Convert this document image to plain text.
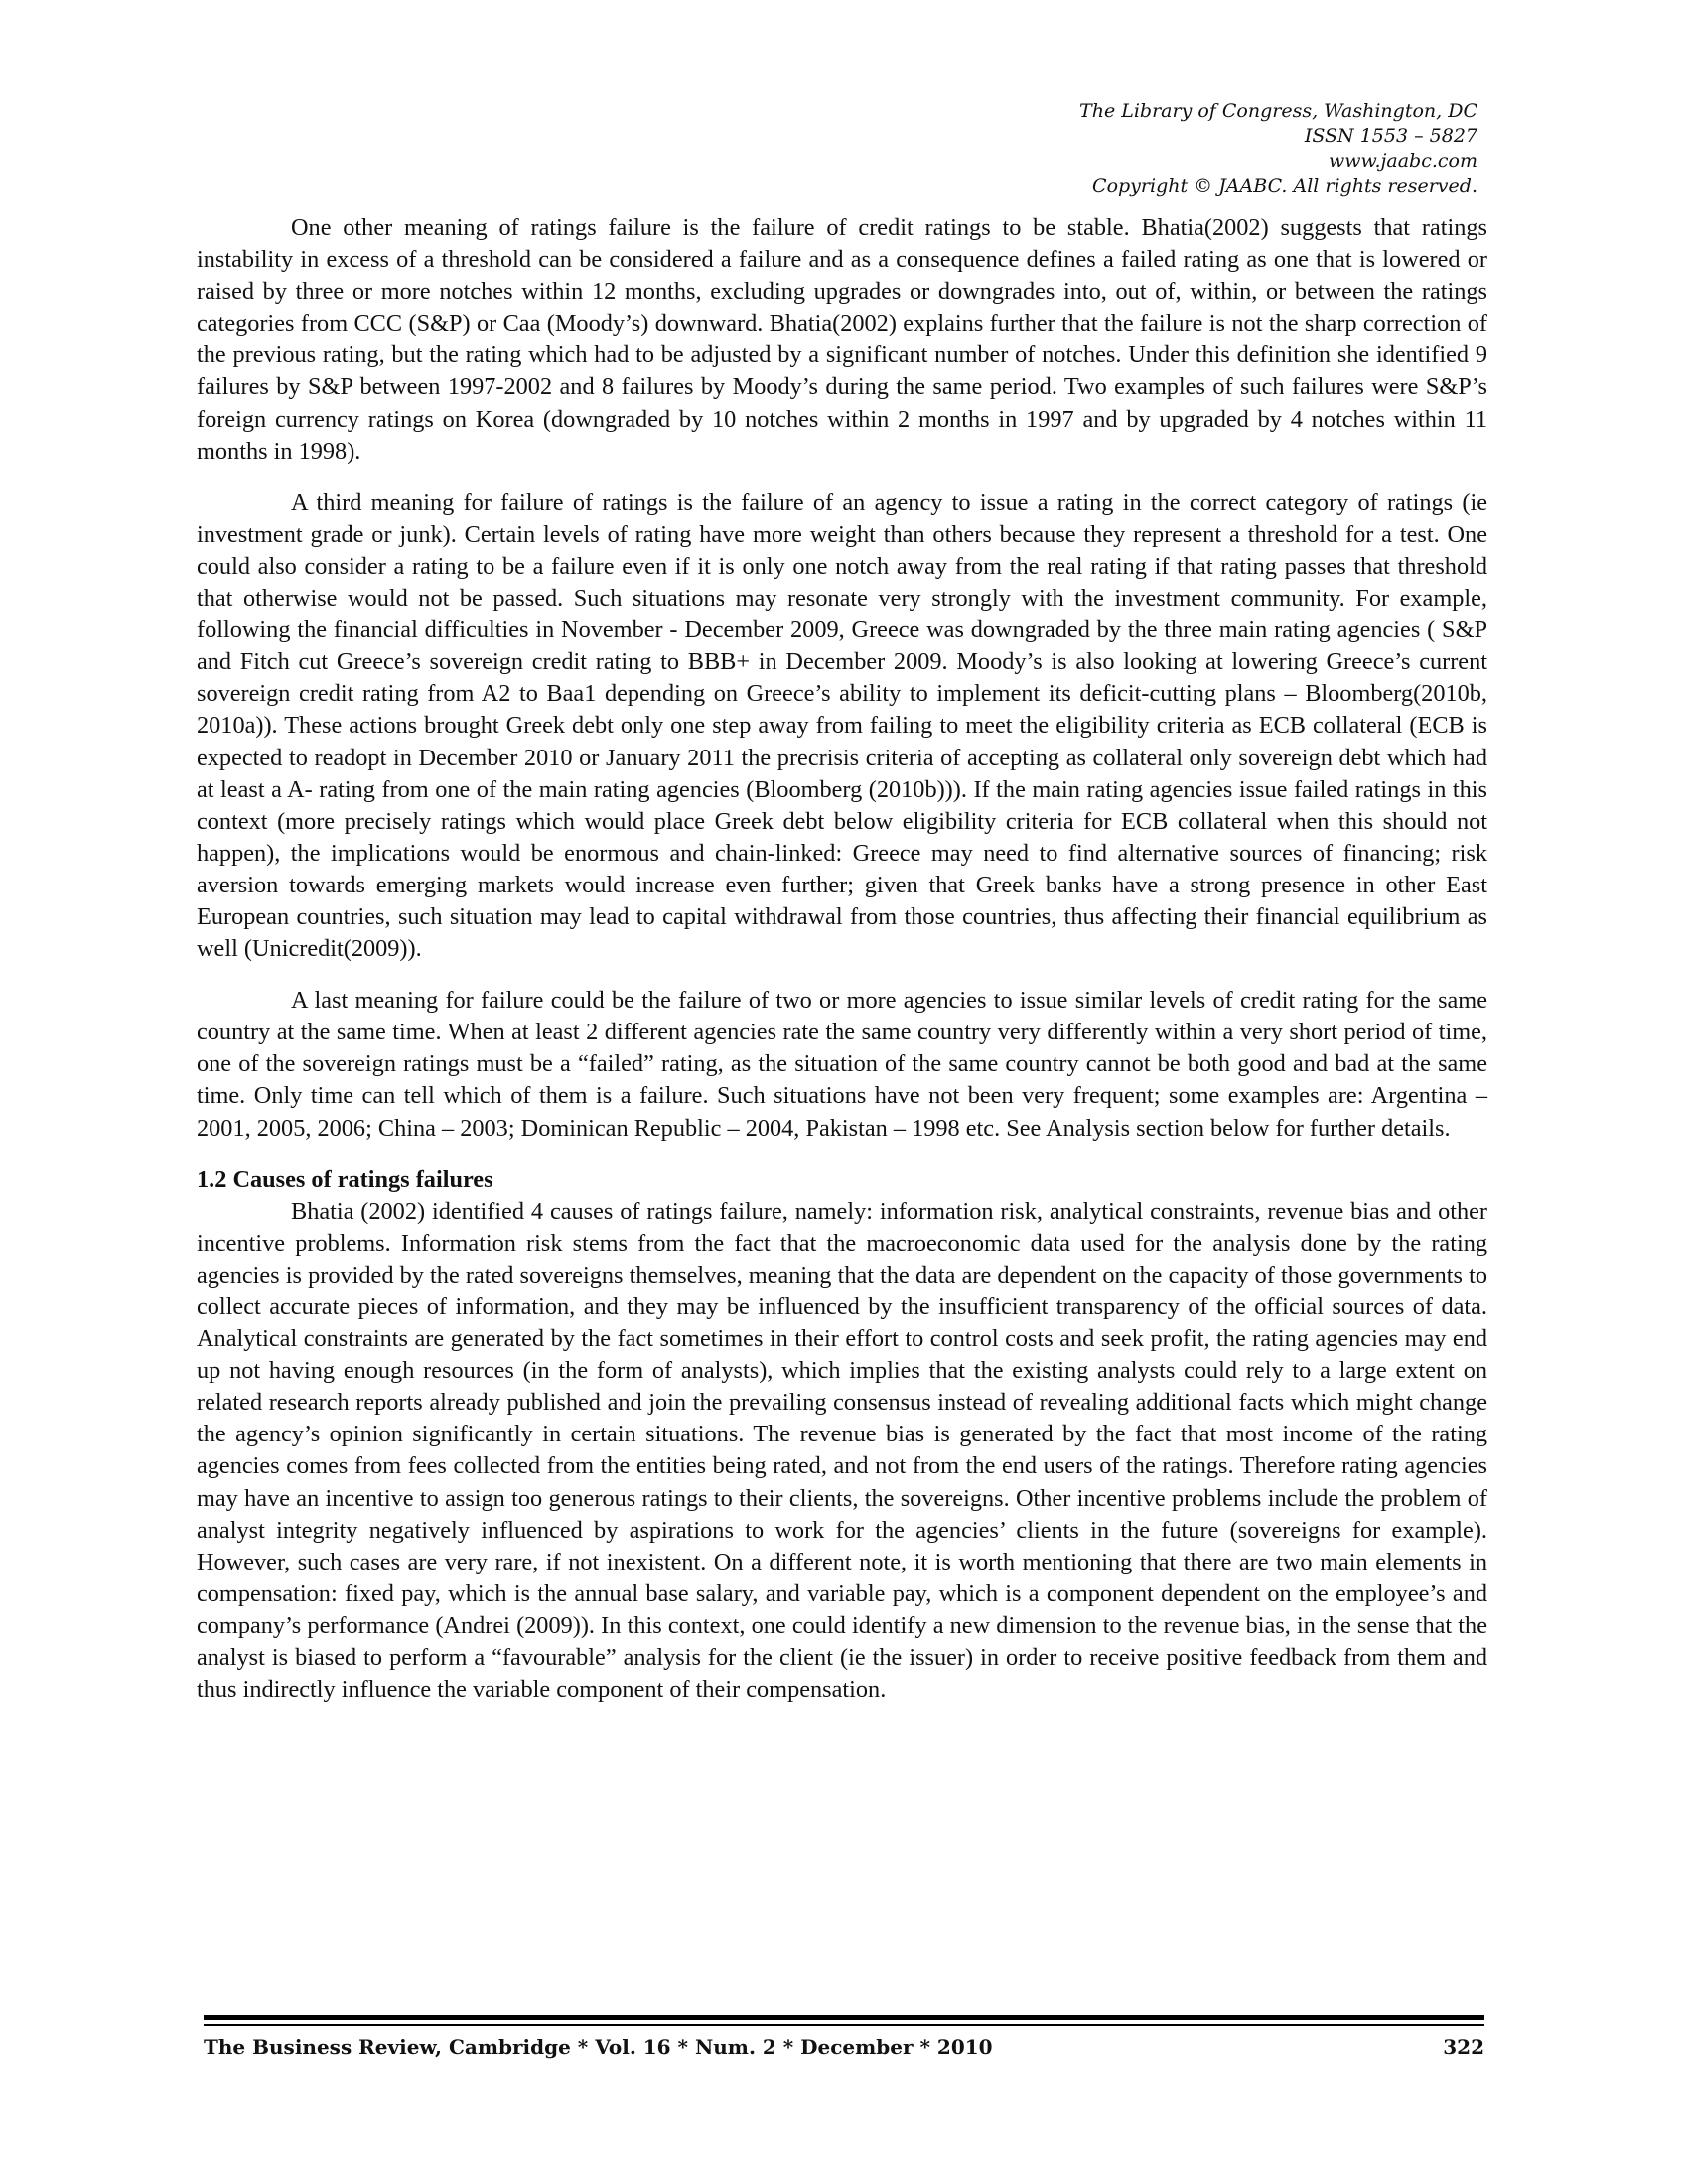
The Library of Congress, Washington, DC
ISSN 1553 – 5827
www.jaabc.com
Copyright © JAABC. All rights reserved.

One other meaning of ratings failure is the failure of credit ratings to be stable. Bhatia(2002) suggests that ratings instability in excess of a threshold can be considered a failure and as a consequence defines a failed rating as one that is lowered or raised by three or more notches within 12 months, excluding upgrades or downgrades into, out of, within, or between the ratings categories from CCC (S&P) or Caa (Moody’s) downward. Bhatia(2002) explains further that the failure is not the sharp correction of the previous rating, but the rating which had to be adjusted by a significant number of notches. Under this definition she identified 9 failures by S&P between 1997-2002 and 8 failures by Moody’s during the same period. Two examples of such failures were S&P’s foreign currency ratings on Korea (downgraded by 10 notches within 2 months in 1997 and by upgraded by 4 notches within 11 months in 1998).

A third meaning for failure of ratings is the failure of an agency to issue a rating in the correct category of ratings (ie investment grade or junk). Certain levels of rating have more weight than others because they represent a threshold for a test. One could also consider a rating to be a failure even if it is only one notch away from the real rating if that rating passes that threshold that otherwise would not be passed. Such situations may resonate very strongly with the investment community. For example, following the financial difficulties in November - December 2009, Greece was downgraded by the three main rating agencies ( S&P and Fitch cut Greece’s sovereign credit rating to BBB+ in December 2009. Moody’s is also looking at lowering Greece’s current sovereign credit rating from A2 to Baa1 depending on Greece’s ability to implement its deficit-cutting plans – Bloomberg(2010b, 2010a)). These actions brought Greek debt only one step away from failing to meet the eligibility criteria as ECB collateral (ECB is expected to readopt in December 2010 or January 2011 the precrisis criteria of accepting as collateral only sovereign debt which had at least a A- rating from one of the main rating agencies (Bloomberg (2010b))). If the main rating agencies issue failed ratings in this context (more precisely ratings which would place Greek debt below eligibility criteria for ECB collateral when this should not happen), the implications would be enormous and chain-linked: Greece may need to find alternative sources of financing; risk aversion towards emerging markets would increase even further; given that Greek banks have a strong presence in other East European countries, such situation may lead to capital withdrawal from those countries, thus affecting their financial equilibrium as well (Unicredit(2009)).

A last meaning for failure could be the failure of two or more agencies to issue similar levels of credit rating for the same country at the same time. When at least 2 different agencies rate the same country very differently within a very short period of time, one of the sovereign ratings must be a “failed” rating, as the situation of the same country cannot be both good and bad at the same time. Only time can tell which of them is a failure. Such situations have not been very frequent; some examples are: Argentina – 2001, 2005, 2006; China – 2003; Dominican Republic – 2004, Pakistan – 1998 etc. See Analysis section below for further details.

1.2 Causes of ratings failures

Bhatia (2002) identified 4 causes of ratings failure, namely: information risk, analytical constraints, revenue bias and other incentive problems. Information risk stems from the fact that the macroeconomic data used for the analysis done by the rating agencies is provided by the rated sovereigns themselves, meaning that the data are dependent on the capacity of those governments to collect accurate pieces of information, and they may be influenced by the insufficient transparency of the official sources of data. Analytical constraints are generated by the fact sometimes in their effort to control costs and seek profit, the rating agencies may end up not having enough resources (in the form of analysts), which implies that the existing analysts could rely to a large extent on related research reports already published and join the prevailing consensus instead of revealing additional facts which might change the agency’s opinion significantly in certain situations. The revenue bias is generated by the fact that most income of the rating agencies comes from fees collected from the entities being rated, and not from the end users of the ratings. Therefore rating agencies may have an incentive to assign too generous ratings to their clients, the sovereigns. Other incentive problems include the problem of analyst integrity negatively influenced by aspirations to work for the agencies’ clients in the future (sovereigns for example). However, such cases are very rare, if not inexistent. On a different note, it is worth mentioning that there are two main elements in compensation: fixed pay, which is the annual base salary, and variable pay, which is a component dependent on the employee’s and company’s performance (Andrei (2009)). In this context, one could identify a new dimension to the revenue bias, in the sense that the analyst is biased to perform a “favourable” analysis for the client (ie the issuer) in order to receive positive feedback from them and thus indirectly influence the variable component of their compensation.

The Business Review, Cambridge * Vol. 16 * Num. 2 * December * 2010	322
